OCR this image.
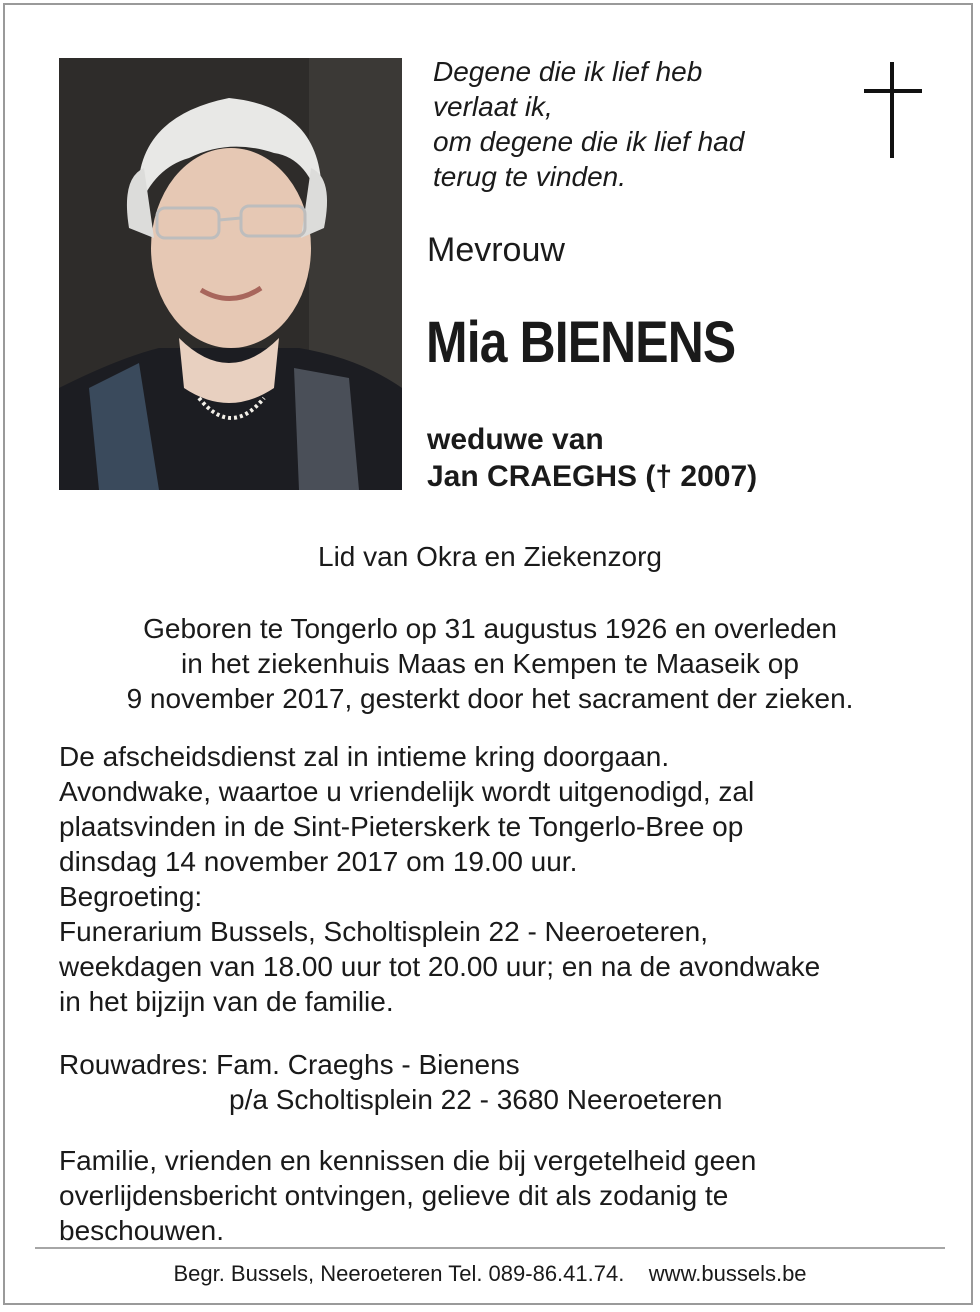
Degene die ik lief heb
verlaat ik,
om degene die ik lief had
terug te vinden.
Mevrouw
Mia BIENENS
weduwe van
Jan CRAEGHS († 2007)
Lid van Okra en Ziekenzorg
Geboren te Tongerlo op 31 augustus 1926 en overleden
in het ziekenhuis Maas en Kempen te Maaseik op
9 november 2017, gesterkt door het sacrament der zieken.
De afscheidsdienst zal in intieme kring doorgaan.
Avondwake, waartoe u vriendelijk wordt uitgenodigd, zal
plaatsvinden in de Sint-Pieterskerk te Tongerlo-Bree op
dinsdag 14 november 2017 om 19.00 uur.
Begroeting:
Funerarium Bussels, Scholtisplein 22 - Neeroeteren,
weekdagen van 18.00 uur tot 20.00 uur; en na de avondwake
in het bijzijn van de familie.
Rouwadres: Fam. Craeghs - Bienens
p/a Scholtisplein 22 - 3680 Neeroeteren
Familie, vrienden en kennissen die bij vergetelheid geen
overlijdensbericht ontvingen, gelieve dit als zodanig te
beschouwen.
Begr. Bussels, Neeroeteren Tel. 089-86.41.74. www.bussels.be
